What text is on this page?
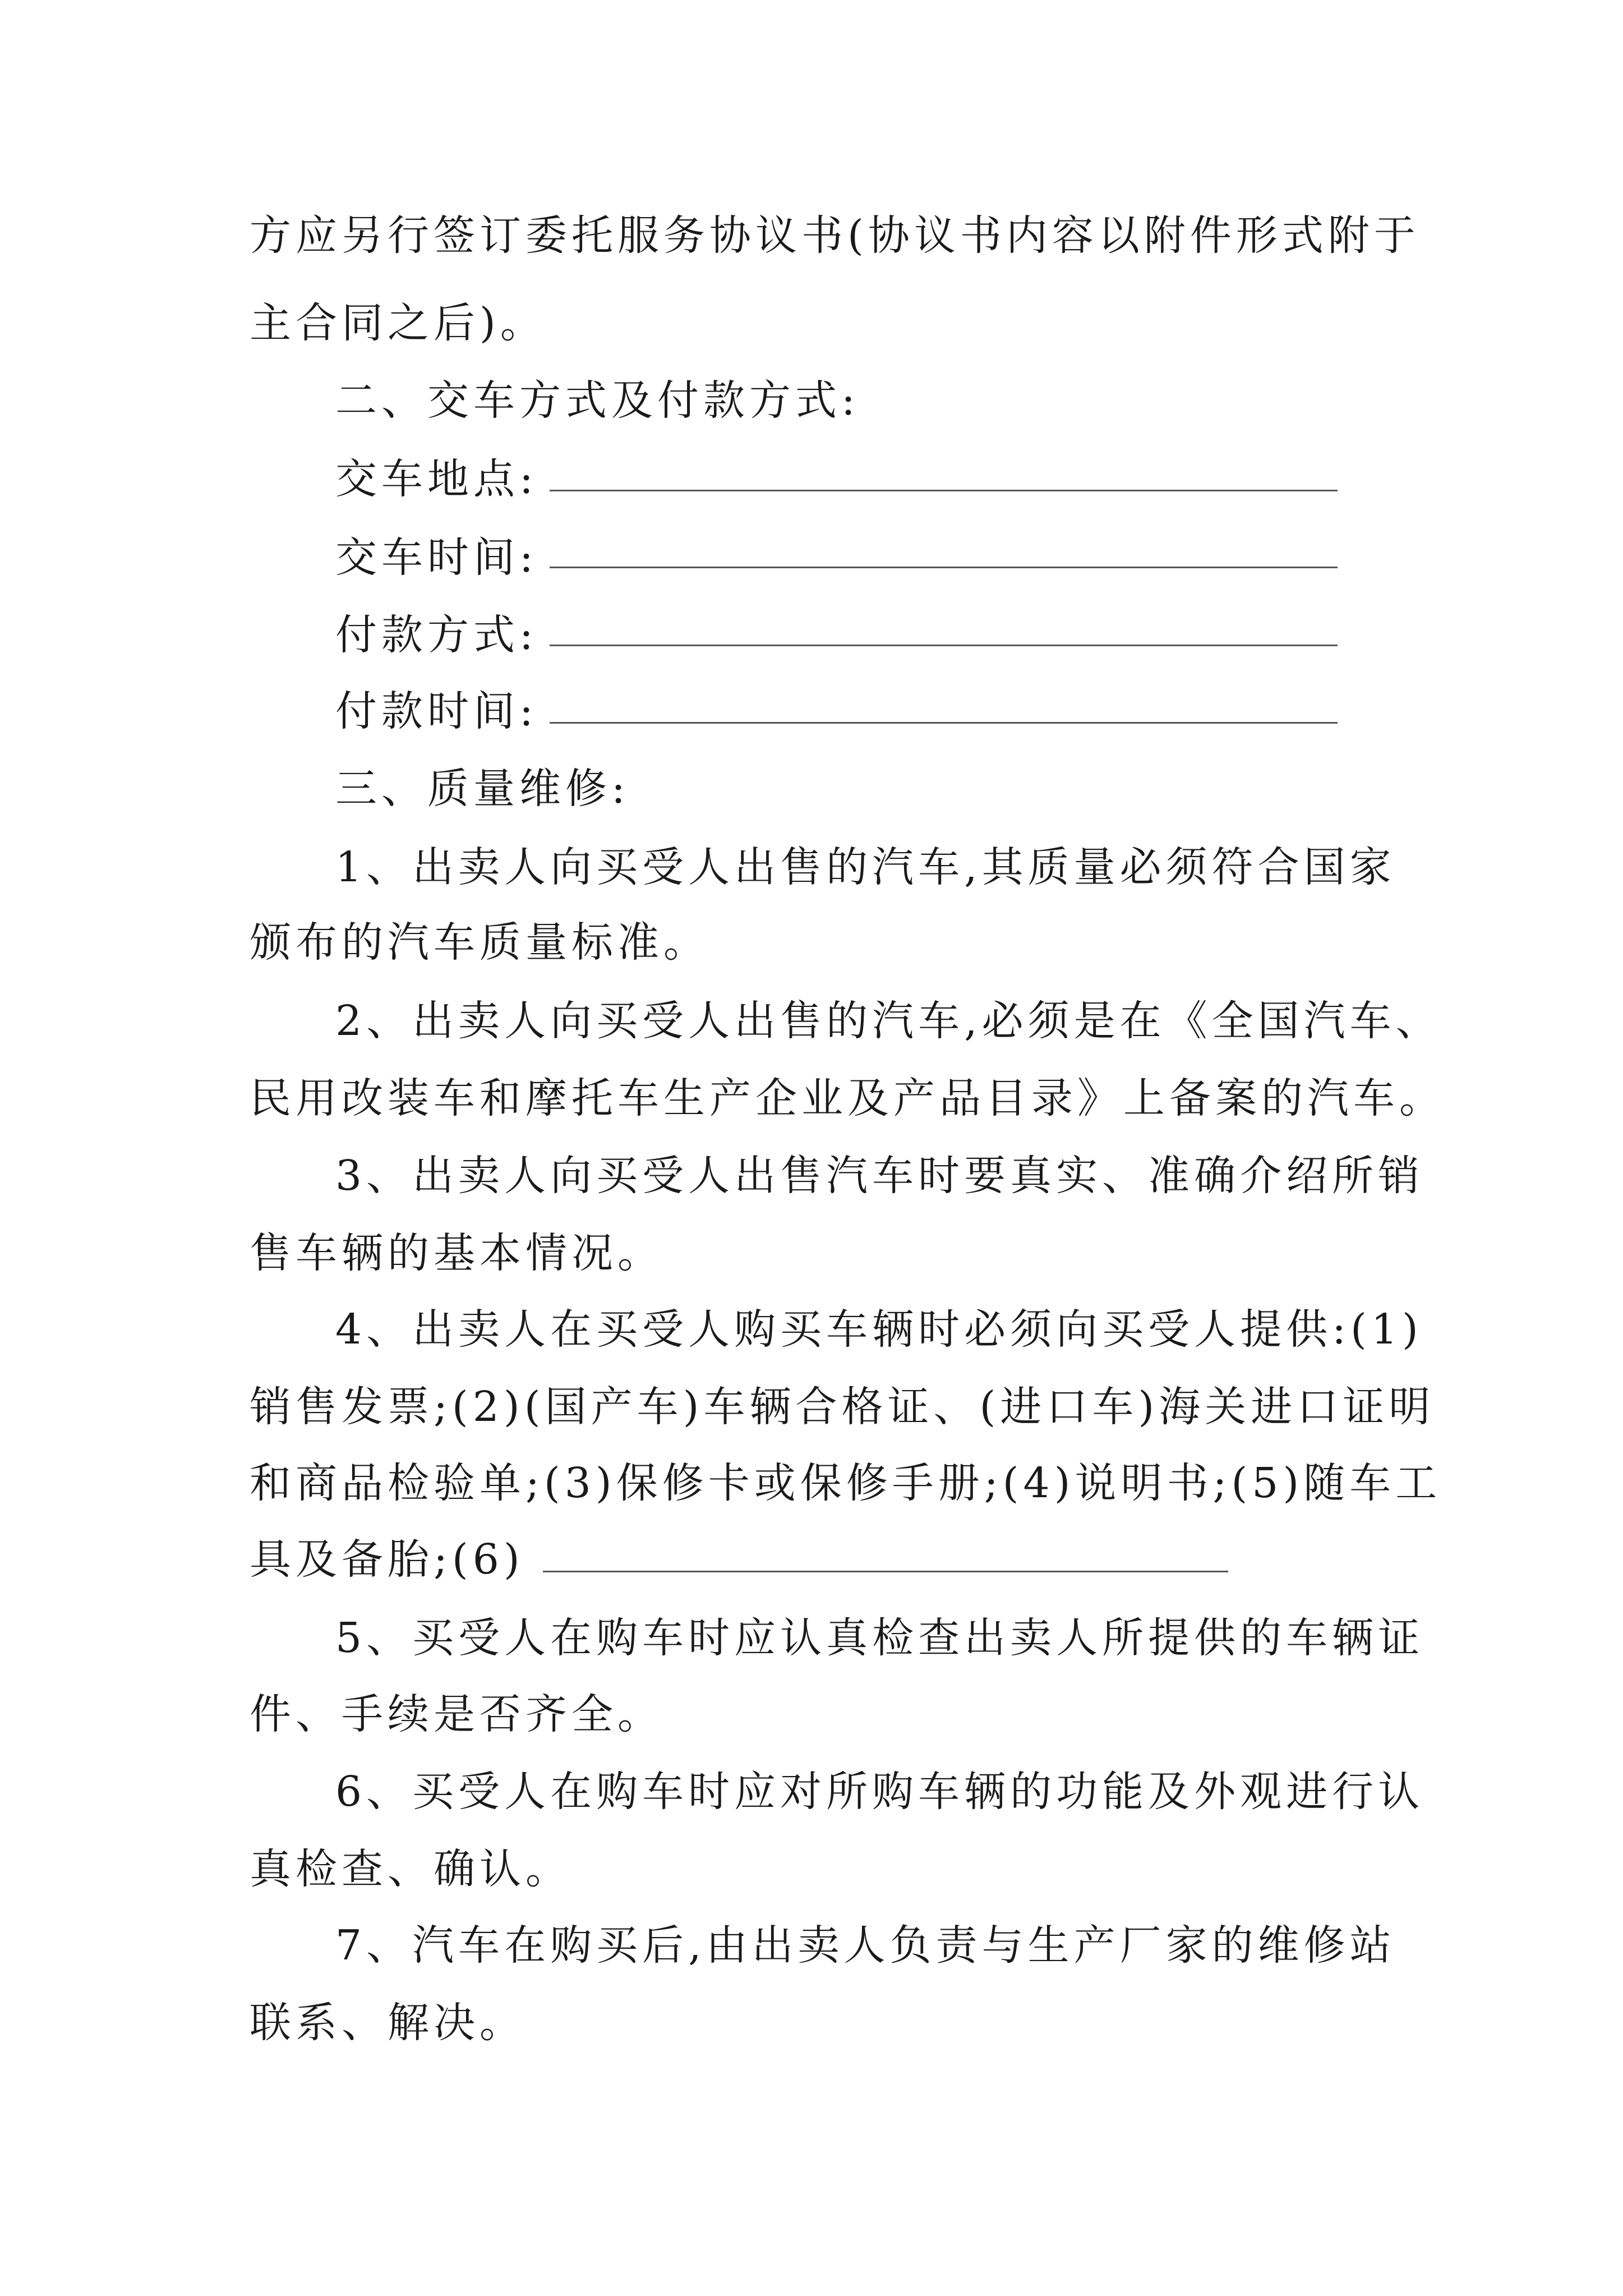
方应另行签订委托服务协议书(协议书内容以附件形式附于
主合同之后)。
二、交车方式及付款方式:
交车地点:
交车时间:
付款方式:
付款时间:
三、质量维修:
1、出卖人向买受人出售的汽车,其质量必须符合国家
颁布的汽车质量标准。
2、出卖人向买受人出售的汽车,必须是在《全国汽车、
民用改装车和摩托车生产企业及产品目录》上备案的汽车。
3、出卖人向买受人出售汽车时要真实、准确介绍所销
售车辆的基本情况。
4、出卖人在买受人购买车辆时必须向买受人提供:(1)
销售发票;(2)(国产车)车辆合格证、(进口车)海关进口证明
和商品检验单;(3)保修卡或保修手册;(4)说明书;(5)随车工
具及备胎;(6)
5、买受人在购车时应认真检查出卖人所提供的车辆证
件、手续是否齐全。
6、买受人在购车时应对所购车辆的功能及外观进行认
真检查、确认。
7、汽车在购买后,由出卖人负责与生产厂家的维修站
联系、解决。
